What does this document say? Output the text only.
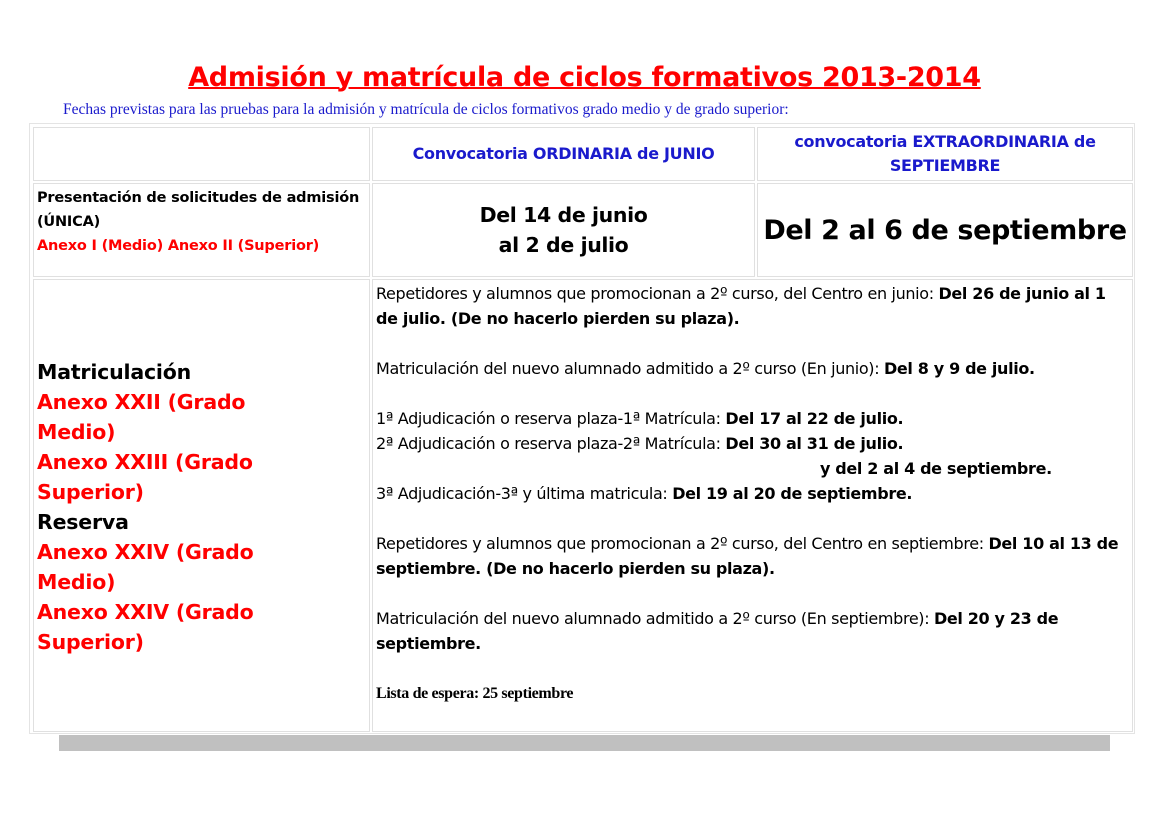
Admisión y matrícula de ciclos formativos 2013-2014
Fechas previstas para las pruebas para la admisión y matrícula de ciclos formativos grado medio y de grado superior:
Convocatoria ORDINARIA de JUNIO
convocatoria EXTRAORDINARIA de SEPTIEMBRE
Presentación de solicitudes de admisión (ÚNICA)
Anexo I (Medio) Anexo II (Superior)
Del 14 de junio
al 2 de julio	Del 2 al 6 de septiembre
Matriculación
Anexo XXII (Grado Medio)
Anexo XXIII (Grado Superior)
Reserva
Anexo XXIV (Grado Medio)
Anexo XXIV (Grado Superior)

Repetidores y alumnos que promocionan a 2º curso, del Centro en junio: Del 26 de junio al 1 de julio. (De no hacerlo pierden su plaza).

Matriculación del nuevo alumnado admitido a 2º curso (En junio): Del 8 y 9 de julio.

1ª Adjudicación o reserva plaza-1ª Matrícula: Del 17 al 22 de julio.

2ª Adjudicación o reserva plaza-2ª Matrícula: Del 30 al 31 de julio.

y del 2 al 4 de septiembre.

3ª Adjudicación-3ª y última matricula: Del 19 al 20 de septiembre.

Repetidores y alumnos que promocionan a 2º curso, del Centro en septiembre: Del 10 al 13 de septiembre. (De no hacerlo pierden su plaza).

Matriculación del nuevo alumnado admitido a 2º curso (En septiembre): Del 20 y 23 de septiembre.

Lista de espera: 25 septiembre
